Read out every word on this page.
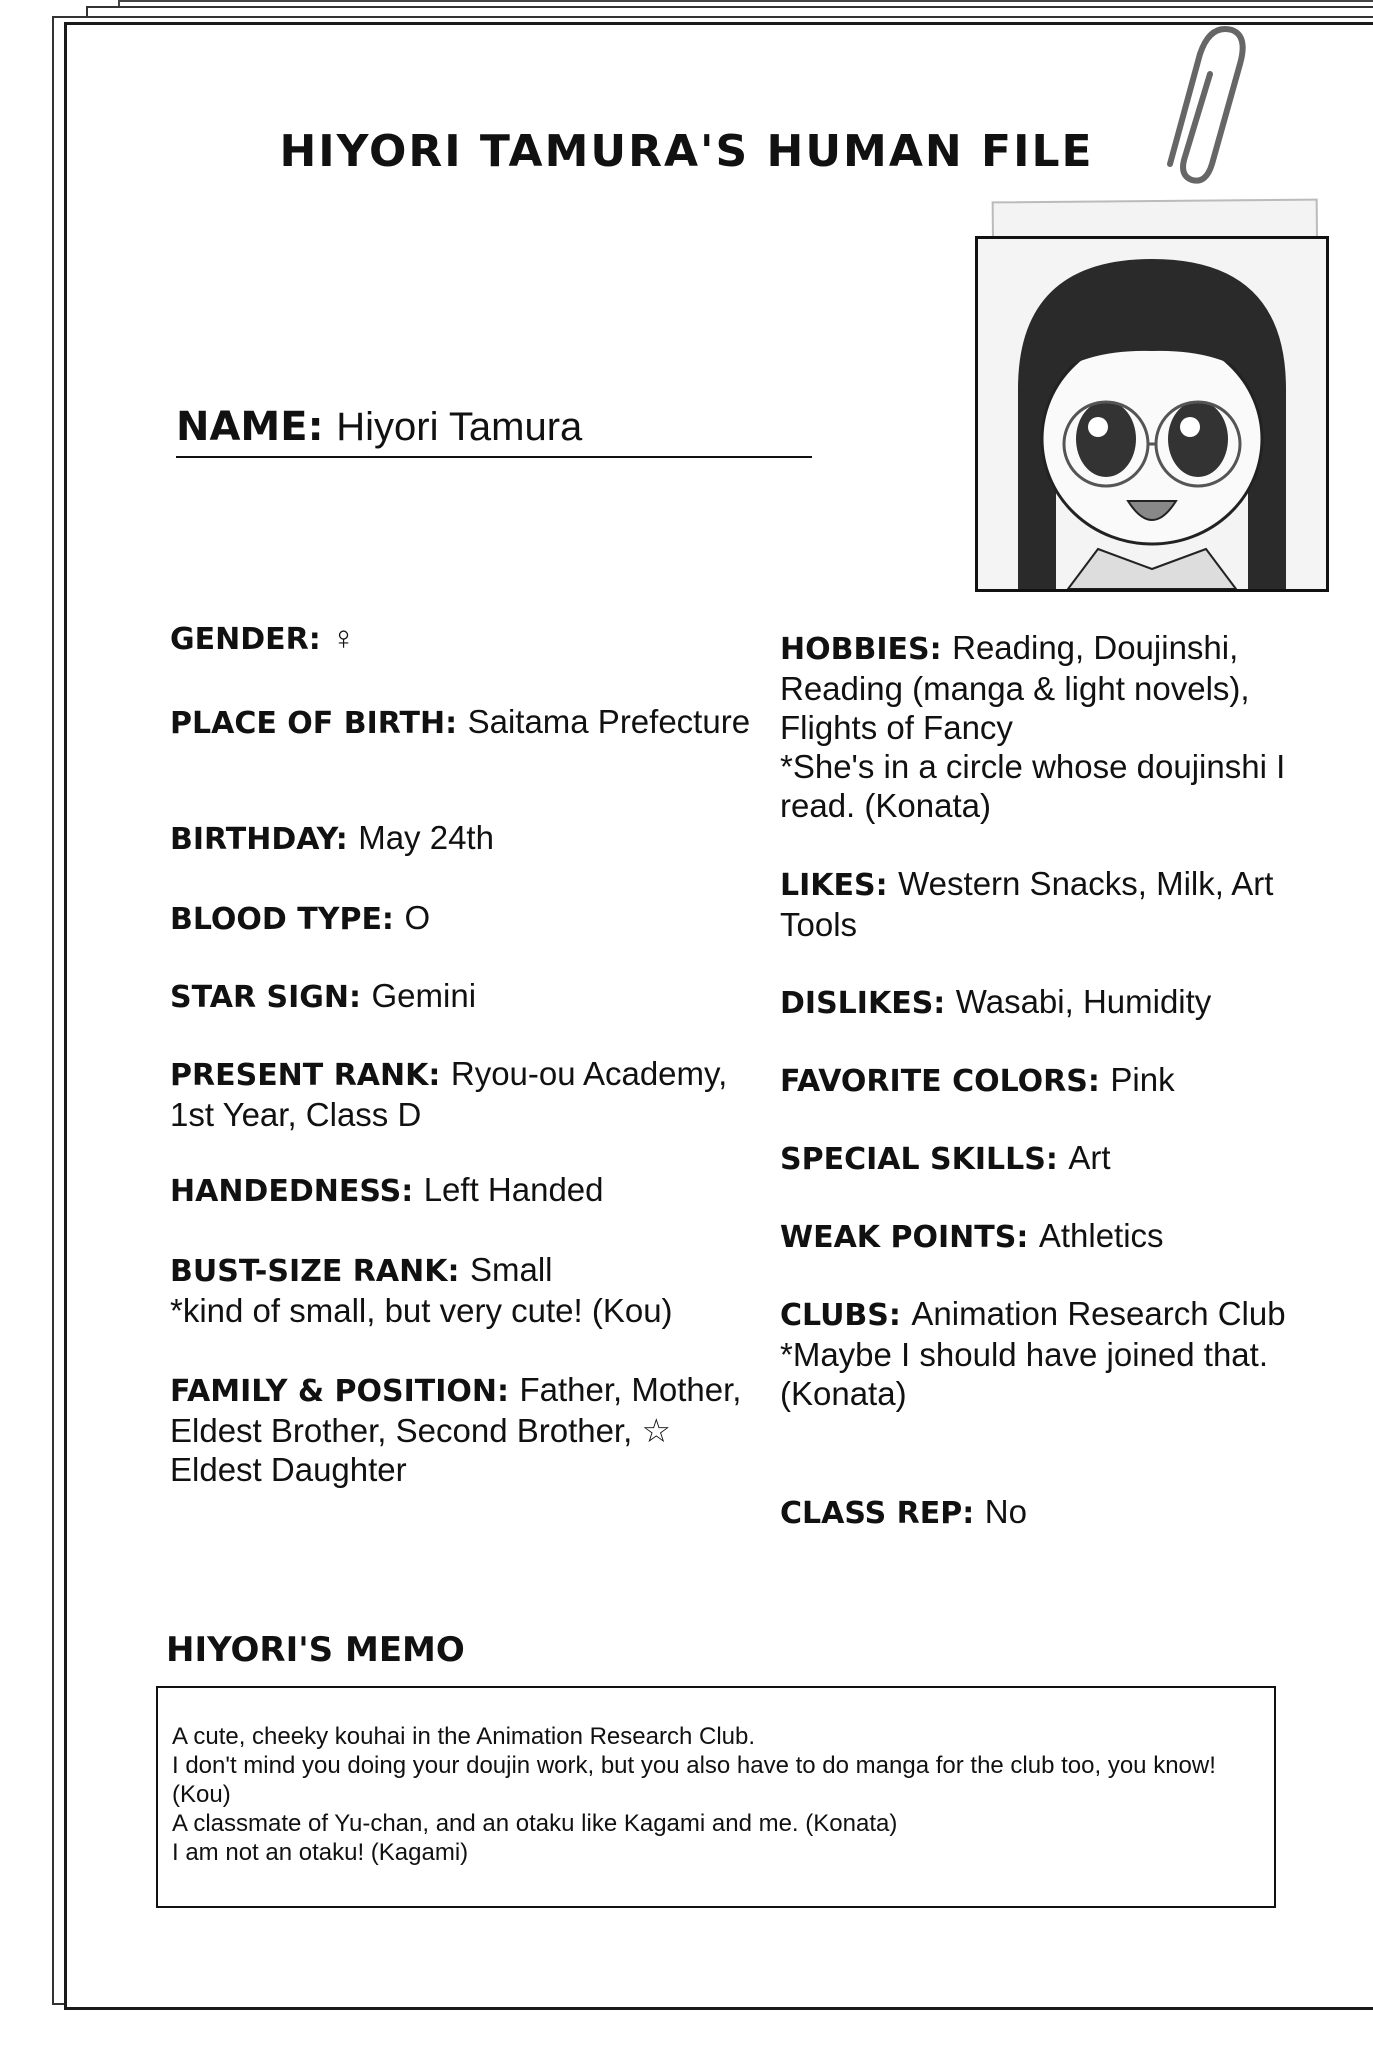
HIYORI TAMURA'S HUMAN FILE
NAME: Hiyori Tamura
GENDER: ♀
PLACE OF BIRTH: Saitama Prefecture
BIRTHDAY: May 24th
BLOOD TYPE: O
STAR SIGN: Gemini
PRESENT RANK: Ryou-ou Academy, 1st Year, Class D
HANDEDNESS: Left Handed
BUST-SIZE RANK: Small
*kind of small, but very cute! (Kou)
FAMILY & POSITION: Father, Mother, Eldest Brother, Second Brother, ☆ Eldest Daughter
HOBBIES: Reading, Doujinshi, Reading (manga & light novels), Flights of Fancy
*She's in a circle whose doujinshi I read. (Konata)
LIKES: Western Snacks, Milk, Art Tools
DISLIKES: Wasabi, Humidity
FAVORITE COLORS: Pink
SPECIAL SKILLS: Art
WEAK POINTS: Athletics
CLUBS: Animation Research Club
*Maybe I should have joined that. (Konata)
CLASS REP: No
HIYORI'S MEMO
A cute, cheeky kouhai in the Animation Research Club.
I don't mind you doing your doujin work, but you also have to do manga for the club too, you know! (Kou)
A classmate of Yu-chan, and an otaku like Kagami and me. (Konata)
I am not an otaku! (Kagami)
